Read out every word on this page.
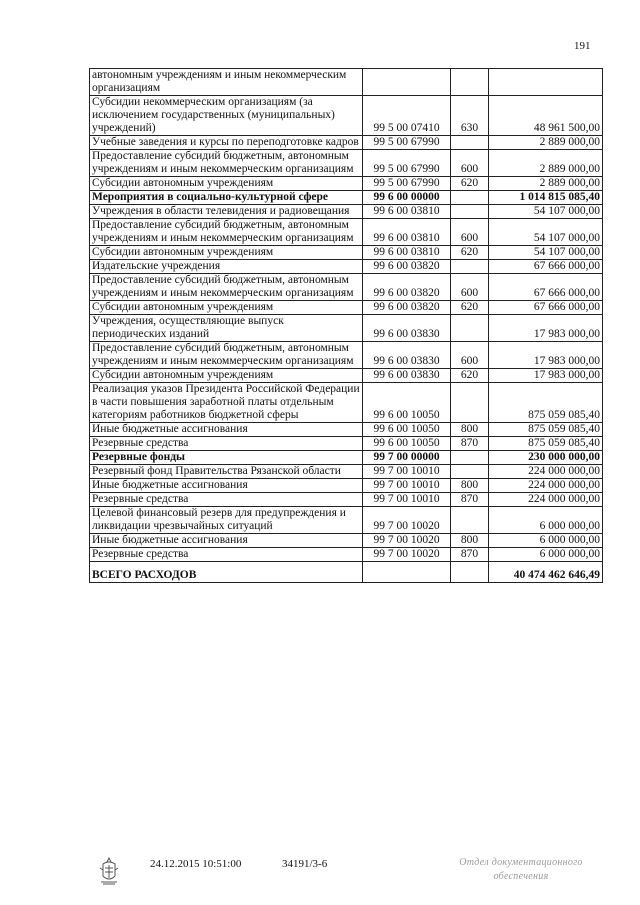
191
автономным учреждениям и иным некоммерческим организациям			
Субсидии некоммерческим организациям (за исключением государственных (муниципальных) учреждений)	99 5 00 07410	630	48 961 500,00
Учебные заведения и курсы по переподготовке кадров	99 5 00 67990		2 889 000,00
Предоставление субсидий бюджетным, автономным учреждениям и иным некоммерческим организациям	99 5 00 67990	600	2 889 000,00
Субсидии автономным учреждениям	99 5 00 67990	620	2 889 000,00
Мероприятия в социально-культурной сфере	99 6 00 00000		1 014 815 085,40
Учреждения в области телевидения и радиовещания	99 6 00 03810		54 107 000,00
Предоставление субсидий бюджетным, автономным учреждениям и иным некоммерческим организациям	99 6 00 03810	600	54 107 000,00
Субсидии автономным учреждениям	99 6 00 03810	620	54 107 000,00
Издательские учреждения	99 6 00 03820		67 666 000,00
Предоставление субсидий бюджетным, автономным учреждениям и иным некоммерческим организациям	99 6 00 03820	600	67 666 000,00
Субсидии автономным учреждениям	99 6 00 03820	620	67 666 000,00
Учреждения, осуществляющие выпуск периодических изданий	99 6 00 03830		17 983 000,00
Предоставление субсидий бюджетным, автономным учреждениям и иным некоммерческим организациям	99 6 00 03830	600	17 983 000,00
Субсидии автономным учреждениям	99 6 00 03830	620	17 983 000,00
Реализация указов Президента Российской Федерации в части повышения заработной платы отдельным категориям работников бюджетной сферы	99 6 00 10050		875 059 085,40
Иные бюджетные ассигнования	99 6 00 10050	800	875 059 085,40
Резервные средства	99 6 00 10050	870	875 059 085,40
Резервные фонды	99 7 00 00000		230 000 000,00
Резервный фонд Правительства Рязанской области	99 7 00 10010		224 000 000,00
Иные бюджетные ассигнования	99 7 00 10010	800	224 000 000,00
Резервные средства	99 7 00 10010	870	224 000 000,00
Целевой финансовый резерв для предупреждения и ликвидации чрезвычайных ситуаций	99 7 00 10020		6 000 000,00
Иные бюджетные ассигнования	99 7 00 10020	800	6 000 000,00
Резервные средства	99 7 00 10020	870	6 000 000,00
ВСЕГО РАСХОДОВ			40 474 462 646,49
24.12.2015 10:51:00	34191/3-6	Отдел документационного обеспечения
